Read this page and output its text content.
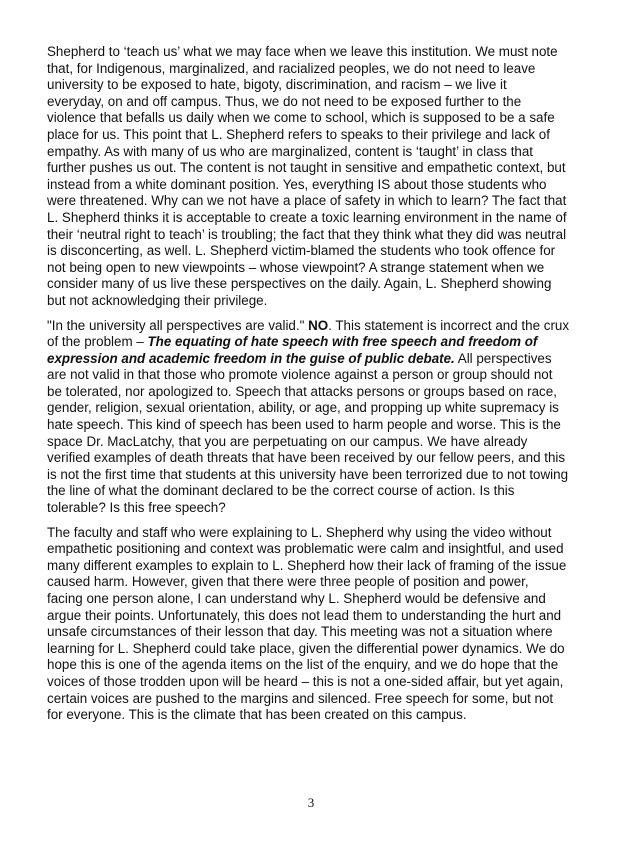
Shepherd to ‘teach us’ what we may face when we leave this institution. We must note
that, for Indigenous, marginalized, and racialized peoples, we do not need to leave
university to be exposed to hate, bigoty, discrimination, and racism – we live it
everyday, on and off campus. Thus, we do not need to be exposed further to the
violence that befalls us daily when we come to school, which is supposed to be a safe
place for us. This point that L. Shepherd refers to speaks to their privilege and lack of
empathy. As with many of us who are marginalized, content is ‘taught’ in class that
further pushes us out. The content is not taught in sensitive and empathetic context, but
instead from a white dominant position. Yes, everything IS about those students who
were threatened. Why can we not have a place of safety in which to learn? The fact that
L. Shepherd thinks it is acceptable to create a toxic learning environment in the name of
their ‘neutral right to teach’ is troubling; the fact that they think what they did was neutral
is disconcerting, as well. L. Shepherd victim-blamed the students who took offence for
not being open to new viewpoints – whose viewpoint? A strange statement when we
consider many of us live these perspectives on the daily. Again, L. Shepherd showing
but not acknowledging their privilege.

"In the university all perspectives are valid." NO. This statement is incorrect and the crux
of the problem – The equating of hate speech with free speech and freedom of
expression and academic freedom in the guise of public debate. All perspectives
are not valid in that those who promote violence against a person or group should not
be tolerated, nor apologized to. Speech that attacks persons or groups based on race,
gender, religion, sexual orientation, ability, or age, and propping up white supremacy is
hate speech. This kind of speech has been used to harm people and worse. This is the
space Dr. MacLatchy, that you are perpetuating on our campus. We have already
verified examples of death threats that have been received by our fellow peers, and this
is not the first time that students at this university have been terrorized due to not towing
the line of what the dominant declared to be the correct course of action. Is this
tolerable? Is this free speech?

The faculty and staff who were explaining to L. Shepherd why using the video without
empathetic positioning and context was problematic were calm and insightful, and used
many different examples to explain to L. Shepherd how their lack of framing of the issue
caused harm. However, given that there were three people of position and power,
facing one person alone, I can understand why L. Shepherd would be defensive and
argue their points. Unfortunately, this does not lead them to understanding the hurt and
unsafe circumstances of their lesson that day. This meeting was not a situation where
learning for L. Shepherd could take place, given the differential power dynamics. We do
hope this is one of the agenda items on the list of the enquiry, and we do hope that the
voices of those trodden upon will be heard – this is not a one-sided affair, but yet again,
certain voices are pushed to the margins and silenced. Free speech for some, but not
for everyone. This is the climate that has been created on this campus.

3
